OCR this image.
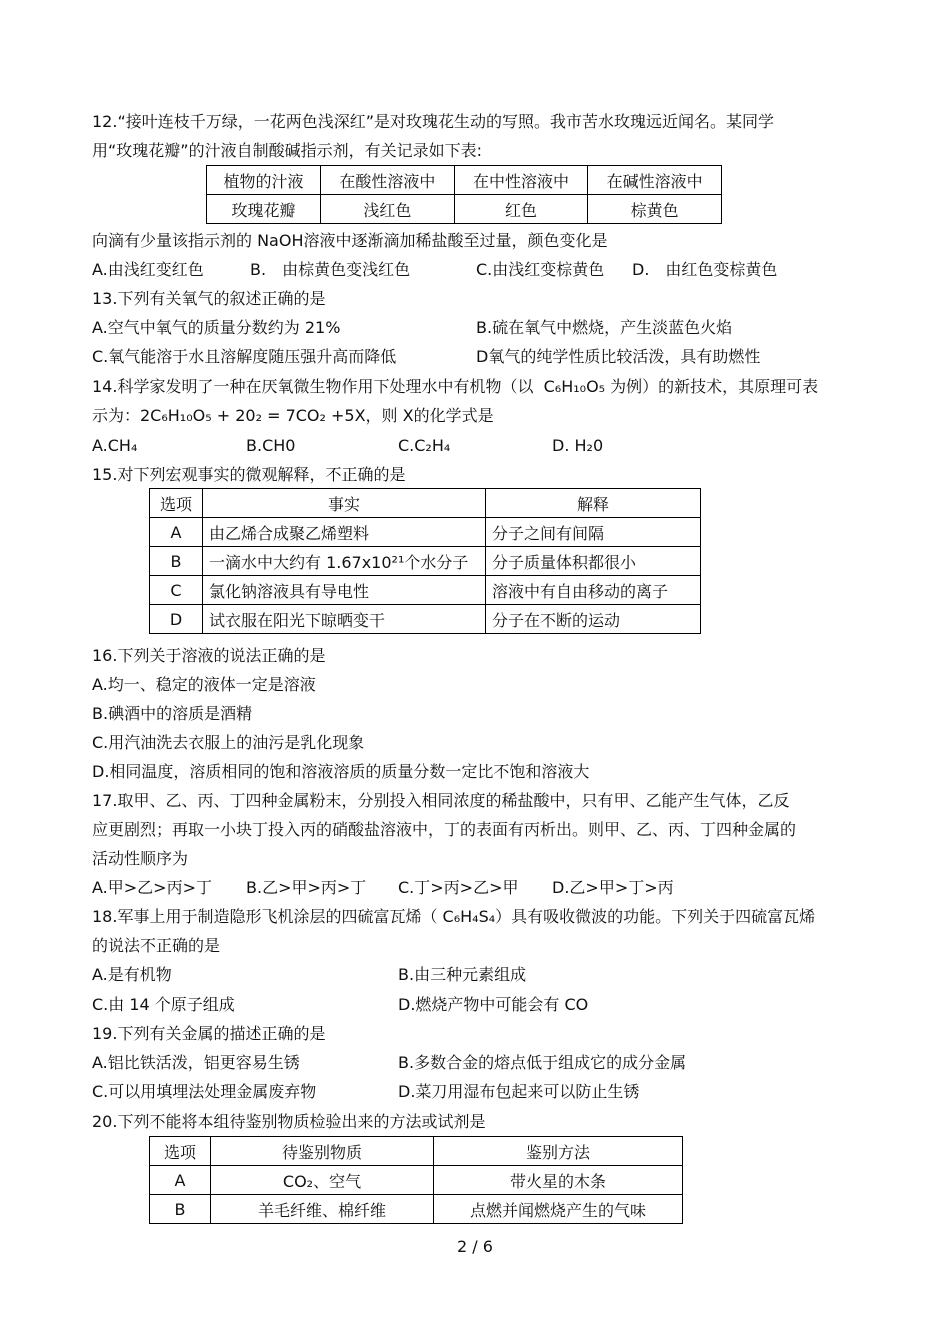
12.“接叶连枝千万绿，一花两色浅深红”是对玫瑰花生动的写照。我市苦水玫瑰远近闻名。某同学
用“玫瑰花瓣”的汁液自制酸碱指示剂，有关记录如下表:
植物的汁液	在酸性溶液中	在中性溶液中	在碱性溶液中
玫瑰花瓣	浅红色	红色	棕黄色
向滴有少量该指示剂的 NaOH溶液中逐渐滴加稀盐酸至过量，颜色变化是
A.由浅红变红色	B.　由棕黄色变浅红色	C.由浅红变棕黄色 D.　由红色变棕黄色
13.下列有关氧气的叙述正确的是
A.空气中氧气的质量分数约为 21%	B.硫在氧气中燃烧，产生淡蓝色火焰
C.氧气能溶于水且溶解度随压强升高而降低	D氧气的纯学性质比较活泼，具有助燃性
14.科学家发明了一种在厌氧微生物作用下处理水中有机物（以 C₆H₁₀O₅ 为例）的新技术，其原理可表
示为：2C₆H₁₀O₅ + 20₂ = 7CO₂ +5X，则 X的化学式是
A.CH₄	B.CH0	C.C₂H₄	D. H₂0
15.对下列宏观事实的微观解释，不正确的是
选项	事实	解释
A	由乙烯合成聚乙烯塑料	分子之间有间隔
B	一滴水中大约有 1.67x10²¹个水分子	分子质量体积都很小
C	氯化钠溶液具有导电性	溶液中有自由移动的离子
D	试衣服在阳光下晾晒变干	分子在不断的运动
16.下列关于溶液的说法正确的是
A.均一、稳定的液体一定是溶液
B.碘酒中的溶质是酒精
C.用汽油洗去衣服上的油污是乳化现象
D.相同温度，溶质相同的饱和溶液溶质的质量分数一定比不饱和溶液大
17.取甲、乙、丙、丁四种金属粉末，分别投入相同浓度的稀盐酸中，只有甲、乙能产生气体，乙反
应更剧烈；再取一小块丁投入丙的硝酸盐溶液中，丁的表面有丙析出。则甲、乙、丙、丁四种金属的
活动性顺序为
A.甲>乙>丙>丁 B.乙>甲>丙>丁 C.丁>丙>乙>甲 D.乙>甲>丁>丙
18.军事上用于制造隐形飞机涂层的四硫富瓦烯（ C₆H₄S₄）具有吸收微波的功能。下列关于四硫富瓦烯
的说法不正确的是
A.是有机物	B.由三种元素组成
C.由 14 个原子组成	D.燃烧产物中可能会有 CO
19.下列有关金属的描述正确的是
A.铝比铁活泼，铝更容易生锈	B.多数合金的熔点低于组成它的成分金属
C.可以用填埋法处理金属废弃物	D.菜刀用湿布包起来可以防止生锈
20.下列不能将本组待鉴别物质检验出来的方法或试剂是
选项	待鉴别物质	鉴别方法
A	CO₂、空气	带火星的木条
B	羊毛纤维、棉纤维	点燃并闻燃烧产生的气味
2 / 6
